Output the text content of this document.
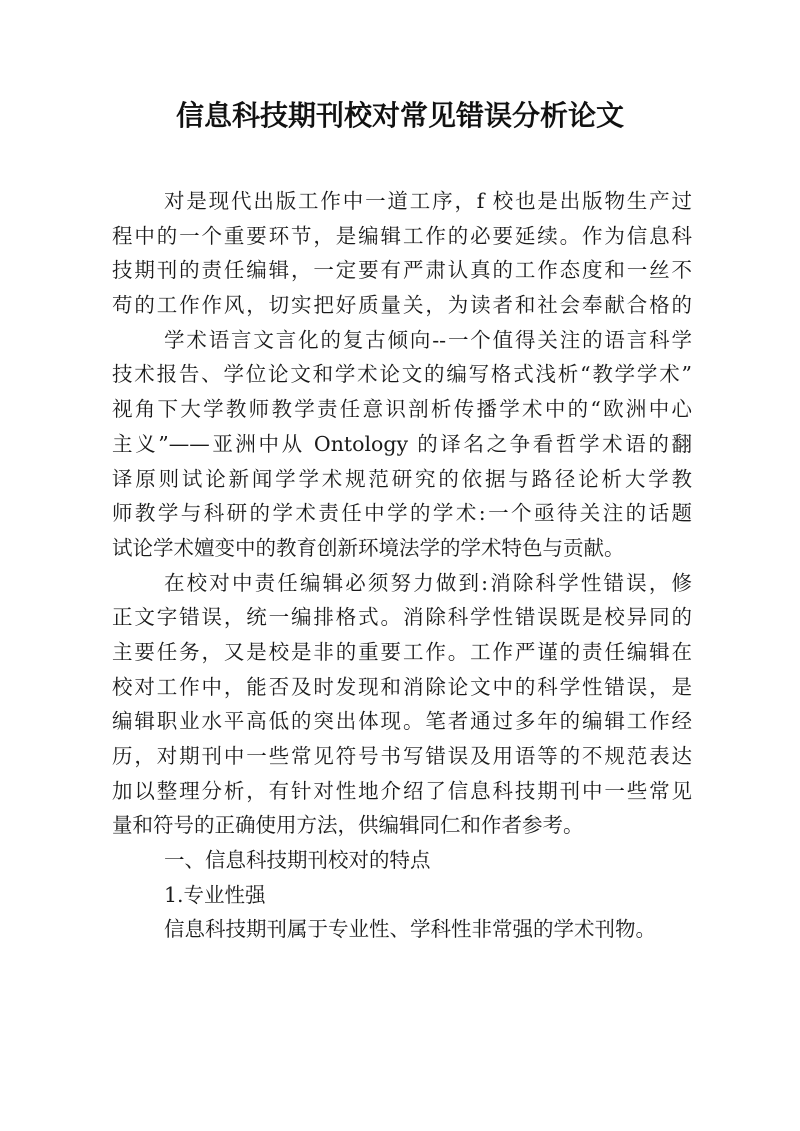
信息科技期刊校对常见错误分析论文
对是现代出版工作中一道工序，f 校也是出版物生产过
程中的一个重要环节，是编辑工作的必要延续。作为信息科
技期刊的责任编辑，一定要有严肃认真的工作态度和一丝不
苟的工作作风，切实把好质量关，为读者和社会奉献合格的
学术语言文言化的复古倾向--一个值得关注的语言科学
技术报告、学位论文和学术论文的编写格式浅析“教学学术”
视角下大学教师教学责任意识剖析传播学术中的“欧洲中心
主义”——亚洲中从 Ontology 的译名之争看哲学术语的翻
译原则试论新闻学学术规范研究的依据与路径论析大学教
师教学与科研的学术责任中学的学术:一个亟待关注的话题
试论学术嬗变中的教育创新环境法学的学术特色与贡献。
在校对中责任编辑必须努力做到:消除科学性错误，修
正文字错误，统一编排格式。消除科学性错误既是校异同的
主要任务，又是校是非的重要工作。工作严谨的责任编辑在
校对工作中，能否及时发现和消除论文中的科学性错误，是
编辑职业水平高低的突出体现。笔者通过多年的编辑工作经
历，对期刊中一些常见符号书写错误及用语等的不规范表达
加以整理分析，有针对性地介绍了信息科技期刊中一些常见
量和符号的正确使用方法，供编辑同仁和作者参考。
一、信息科技期刊校对的特点
1.专业性强
信息科技期刊属于专业性、学科性非常强的学术刊物。
